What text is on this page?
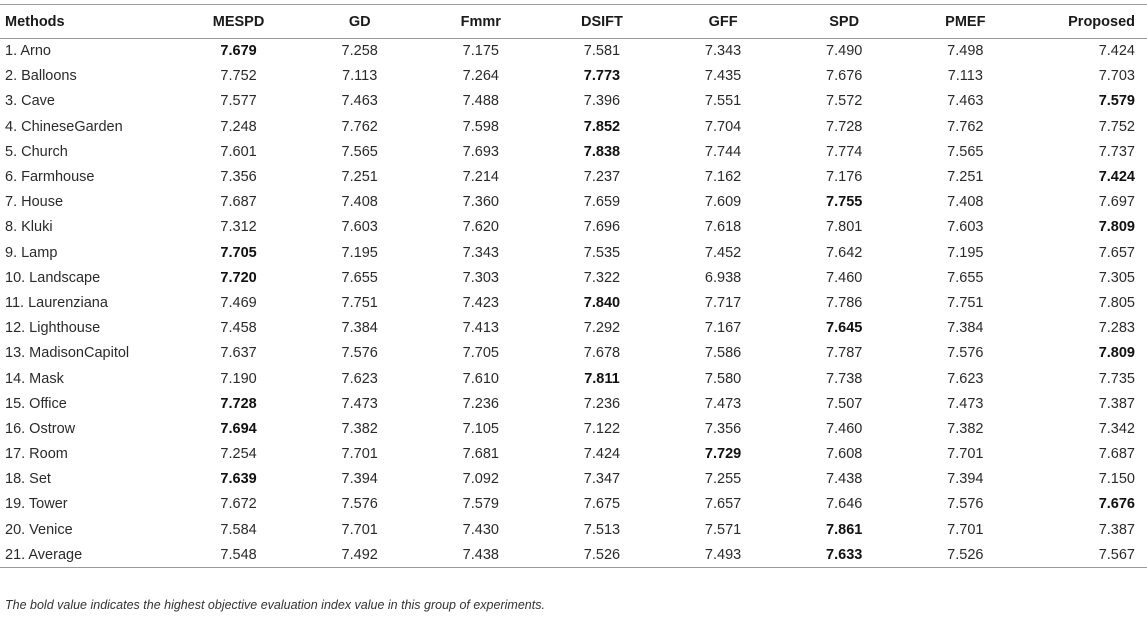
Methods	MESPD	GD	Fmmr	DSIFT	GFF	SPD	PMEF	Proposed
1. Arno	7.679	7.258	7.175	7.581	7.343	7.490	7.498	7.424
2. Balloons	7.752	7.113	7.264	7.773	7.435	7.676	7.113	7.703
3. Cave	7.577	7.463	7.488	7.396	7.551	7.572	7.463	7.579
4. ChineseGarden	7.248	7.762	7.598	7.852	7.704	7.728	7.762	7.752
5. Church	7.601	7.565	7.693	7.838	7.744	7.774	7.565	7.737
6. Farmhouse	7.356	7.251	7.214	7.237	7.162	7.176	7.251	7.424
7. House	7.687	7.408	7.360	7.659	7.609	7.755	7.408	7.697
8. Kluki	7.312	7.603	7.620	7.696	7.618	7.801	7.603	7.809
9. Lamp	7.705	7.195	7.343	7.535	7.452	7.642	7.195	7.657
10. Landscape	7.720	7.655	7.303	7.322	6.938	7.460	7.655	7.305
11. Laurenziana	7.469	7.751	7.423	7.840	7.717	7.786	7.751	7.805
12. Lighthouse	7.458	7.384	7.413	7.292	7.167	7.645	7.384	7.283
13. MadisonCapitol	7.637	7.576	7.705	7.678	7.586	7.787	7.576	7.809
14. Mask	7.190	7.623	7.610	7.811	7.580	7.738	7.623	7.735
15. Office	7.728	7.473	7.236	7.236	7.473	7.507	7.473	7.387
16. Ostrow	7.694	7.382	7.105	7.122	7.356	7.460	7.382	7.342
17. Room	7.254	7.701	7.681	7.424	7.729	7.608	7.701	7.687
18. Set	7.639	7.394	7.092	7.347	7.255	7.438	7.394	7.150
19. Tower	7.672	7.576	7.579	7.675	7.657	7.646	7.576	7.676
20. Venice	7.584	7.701	7.430	7.513	7.571	7.861	7.701	7.387
21. Average	7.548	7.492	7.438	7.526	7.493	7.633	7.526	7.567
The bold value indicates the highest objective evaluation index value in this group of experiments.
